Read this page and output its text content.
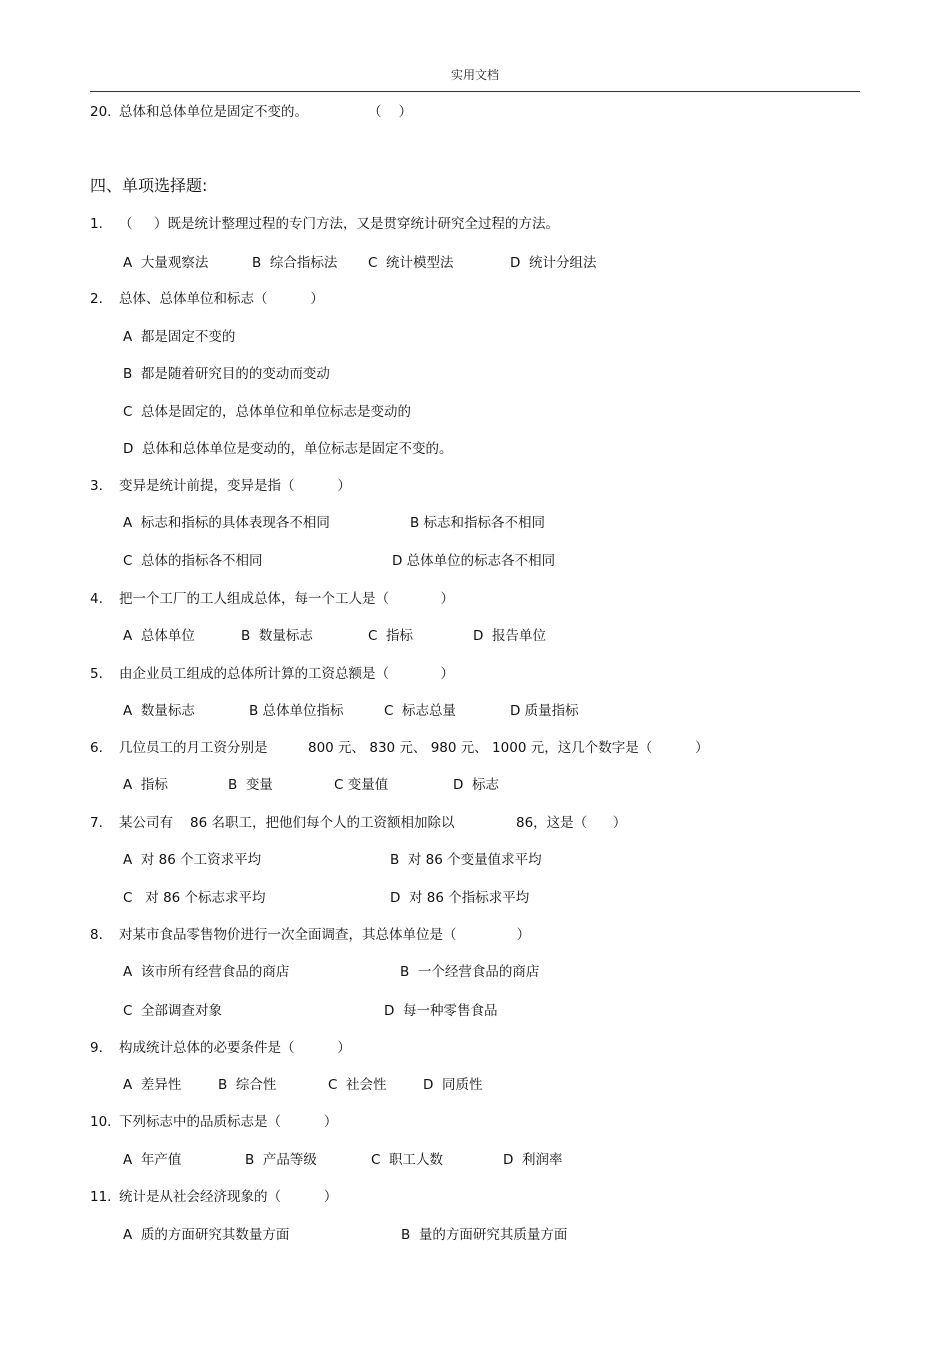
实用文档
20. 总体和总体单位是固定不变的。	（    ）
四、单项选择题:
1. （     ）既是统计整理过程的专门方法，又是贯穿统计研究全过程的方法。
A  大量观察法	B  综合指标法 C  统计模型法	D  统计分组法
2. 总体、总体单位和标志（          ）
A  都是固定不变的
B  都是随着研究目的的变动而变动
C  总体是固定的，总体单位和单位标志是变动的
D  总体和总体单位是变动的，单位标志是固定不变的。
3. 变异是统计前提，变异是指（          ）
A  标志和指标的具体表现各不相同	B 标志和指标各不相同
C  总体的指标各不相同	D 总体单位的标志各不相同
4. 把一个工厂的工人组成总体，每一个工人是（            ）
A  总体单位	B  数量标志	C  指标	D  报告单位
5. 由企业员工组成的总体所计算的工资总额是（            ）
A  数量标志	B 总体单位指标	C  标志总量	D 质量指标
6. 几位员工的月工资分别是	800 元、 830 元、 980 元、 1000 元，这几个数字是（          ）
A  指标	B  变量	C 变量值	D  标志
7. 某公司有 86 名职工，把他们每个人的工资额相加除以	86，这是（      ）
A  对 86 个工资求平均	B  对 86 个变量值求平均
C   对 86 个标志求平均	D  对 86 个指标求平均
8. 对某市食品零售物价进行一次全面调查，其总体单位是（              ）
A  该市所有经营食品的商店	B  一个经营食品的商店
C  全部调查对象	D  每一种零售食品
9. 构成统计总体的必要条件是（          ）
A  差异性	B  综合性	C  社会性	D  同质性
10. 下列标志中的品质标志是（          ）
A  年产值	B  产品等级	C  职工人数	D  利润率
11. 统计是从社会经济现象的（          ）
A  质的方面研究其数量方面	B  量的方面研究其质量方面
